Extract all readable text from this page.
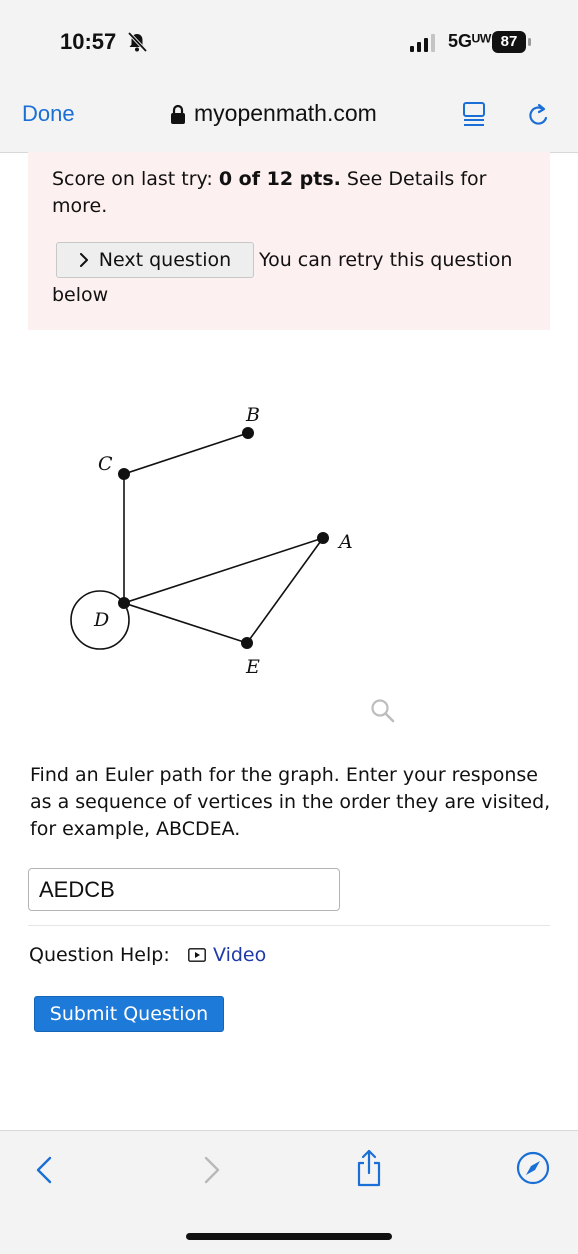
10:57	5Gᵁᵂ 87
Done	myopenmath.com
Score on last try: 0 of 12 pts. See Details for more.
Next question You can retry this question
below
B
C
A
D
E
Find an Euler path for the graph. Enter your response as a sequence of vertices in the order they are visited, for example, ABCDEA.
AEDCB
Question Help: Video
Submit Question
